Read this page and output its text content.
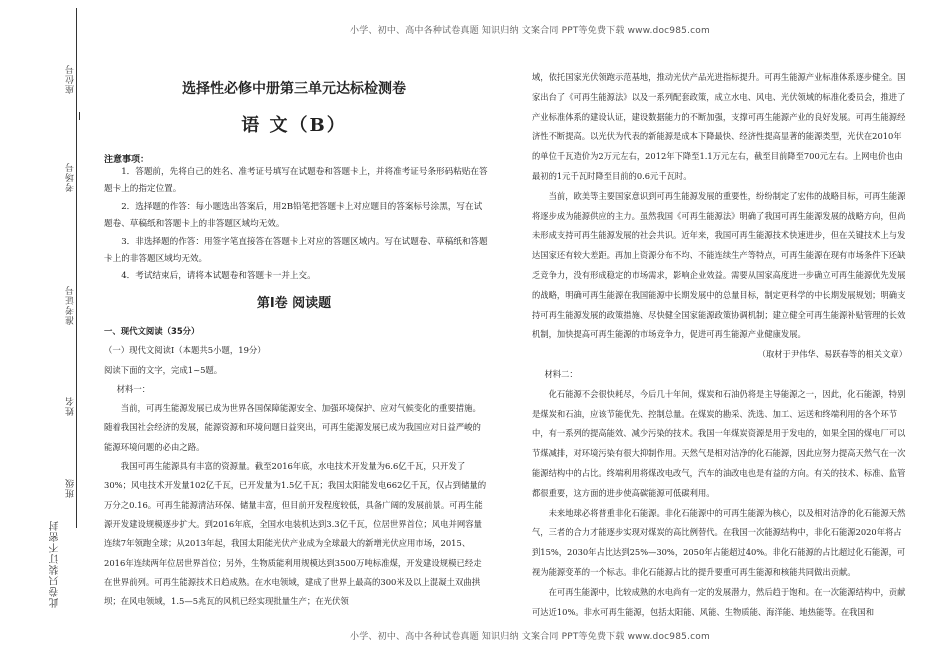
小学、初中、高中各种试卷真题 知识归纳 文案合同 PPT等免费下载 www.doc985.com
座位号
考场号
准考证号
姓名
班级
此卷只装订不密封
选择性必修中册第三单元达标检测卷
语 文（B）
注意事项：

1．答题前，先将自己的姓名、准考证号填写在试题卷和答题卡上，并将准考证号条形码粘贴在答题卡上的指定位置。

2．选择题的作答：每小题选出答案后，用2B铅笔把答题卡上对应题目的答案标号涂黑，写在试题卷、草稿纸和答题卡上的非答题区域均无效。

3．非选择题的作答：用签字笔直接答在答题卡上对应的答题区域内。写在试题卷、草稿纸和答题卡上的非答题区域均无效。

4．考试结束后，请将本试题卷和答题卡一并上交。

第Ⅰ卷 阅读题

一、现代文阅读（35分）

（一）现代文阅读Ⅰ（本题共5小题，19分）

阅读下面的文字，完成1~5题。

材料一：

当前，可再生能源发展已成为世界各国保障能源安全、加强环境保护、应对气候变化的重要措施。随着我国社会经济的发展，能源资源和环境问题日益突出，可再生能源发展已成为我国应对日益严峻的能源环境问题的必由之路。

我国可再生能源具有丰富的资源量。截至2016年底，水电技术开发量为6.6亿千瓦，只开发了30%；风电技术开发量102亿千瓦，已开发量为1.5亿千瓦；我国太阳能发电662亿千瓦，仅占到储量的万分之0.16。可再生能源清洁环保、储量丰富，但目前开发程度较低，具备广阔的发展前景。可再生能源开发建设规模逐步扩大。到2016年底，全国水电装机达到3.3亿千瓦，位居世界首位；风电并网容量连续7年领跑全球；从2013年起，我国太阳能光伏产业成为全球最大的新增光伏应用市场，2015、2016年连续两年位居世界首位；另外，生物质能利用规模达到3500万吨标准煤，开发建设规模已经走在世界前列。可再生能源技术日趋成熟。在水电领域，建成了世界上最高的300米及以上混凝土双曲拱坝；在风电领域，1.5—5兆瓦的风机已经实现批量生产；在光伏领

域，依托国家光伏领跑示范基地，推动光伏产品光进指标提升。可再生能源产业标准体系逐步健全。国家出台了《可再生能源法》以及一系列配套政策，成立水电、风电、光伏领域的标准化委员会，推进了产业标准体系的建设认证，建设数据能力的不断加强，支撑可再生能源产业的良好发展。可再生能源经济性不断提高。以光伏为代表的新能源是成本下降最快、经济性提高显著的能源类型，光伏在2010年的单位千瓦造价为2万元左右，2012年下降至1.1万元左右，截至目前降至700元左右。上网电价也由最初的1元千瓦时降至目前的0.6元千瓦时。

当前，欧美等主要国家意识到可再生能源发展的重要性，纷纷制定了宏伟的战略目标，可再生能源将逐步成为能源供应的主力。虽然我国《可再生能源法》明确了我国可再生能源发展的战略方向，但尚未形成支持可再生能源发展的社会共识。近年来，我国可再生能源技术快速进步，但在关键技术上与发达国家还有较大差距。再加上资源分布不均、不能连续生产等特点，可再生能源在现有市场条件下还缺乏竞争力，没有形成稳定的市场需求，影响企业效益。需要从国家高度进一步确立可再生能源优先发展的战略，明确可再生能源在我国能源中长期发展中的总量目标，制定更科学的中长期发展规划；明确支持可再生能源发展的政策措施、尽快健全国家能源政策协调机制；建立健全可再生能源补贴管理的长效机制，加快提高可再生能源的市场竞争力，促进可再生能源产业健康发展。

（取材于尹伟华、易跃春等的相关文章）

材料二：

化石能源不会很快耗尽，今后几十年间，煤炭和石油仍将是主导能源之一，因此，化石能源，特别是煤炭和石油，应该节能优先、控制总量。在煤炭的勘采、洗选、加工、运送和终端利用的各个环节中，有一系列的提高能效、减少污染的技术。我国一年煤炭资源是用于发电的，如果全国的煤电厂可以节煤减排，对环境污染有很大抑制作用。天然气是相对洁净的化石能源，因此应努力提高天然气在一次能源结构中的占比。终端利用将煤改电改气，汽车的油改电也是有益的方向。有关的技术、标准、监管都很重要，这方面的进步使高碳能源可低碳利用。

未来地球必将普重非化石能源。非化石能源中的可再生能源为核心，以及相对洁净的化石能源天然气，三者的合力才能逐步实现对煤炭的高比例替代。在我国一次能源结构中，非化石能源2020年将占到15%，2030年占比达到25%—30%，2050年占能超过40%。非化石能源的占比超过化石能源，可视为能源变革的一个标志。非化石能源占比的提升要重可再生能源和核能共同做出贡献。

在可再生能源中，比较成熟的水电尚有一定的发展潜力，然后趋于饱和。在一次能源结构中，贡献可达近10%。非水可再生能源，包括太阳能、风能、生物质能、海洋能、地热能等。在我国和

小学、初中、高中各种试卷真题 知识归纳 文案合同 PPT等免费下载 www.doc985.com
